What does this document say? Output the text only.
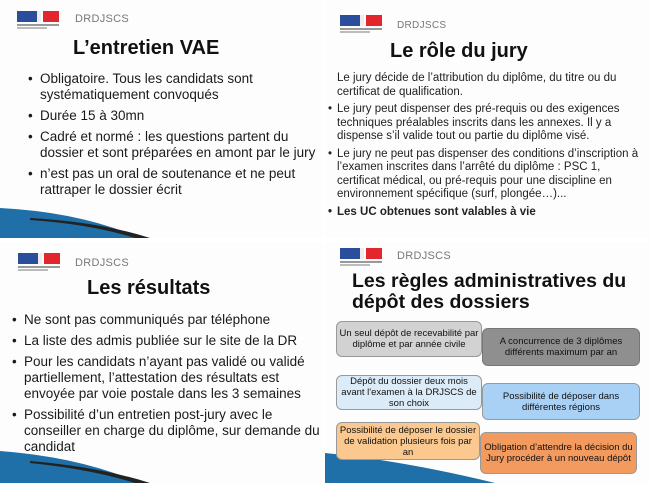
DRDJSCS
L’entretien VAE
• Obligatoire. Tous les candidats sont systématiquement convoqués
• Durée 15 à 30mn
• Cadré et normé : les questions partent du dossier et sont préparées en amont par le jury
• n’est pas un oral de soutenance et ne peut rattraper le dossier écrit
DRDJSCS
Le rôle du jury
Le jury décide de l’attribution du diplôme, du titre ou du certificat de qualification.
• Le jury peut dispenser des pré-requis ou des exigences techniques préalables inscrits dans les annexes. Il y a dispense s’il valide tout ou partie du diplôme visé.
• Le jury ne peut pas dispenser des conditions d’inscription à l’examen inscrites dans l’arrêté du diplôme : PSC 1, certificat médical, ou pré-requis pour une discipline en environnement spécifique (surf, plongée…)...
• Les UC obtenues sont valables à vie
DRDJSCS
Les résultats
• Ne sont pas communiqués par téléphone
• La liste des admis publiée sur le site de la DR
• Pour les candidats n’ayant pas validé ou validé partiellement, l’attestation des résultats est envoyée par voie postale dans les 3 semaines
• Possibilité d’un entretien post-jury avec le conseiller en charge du diplôme, sur demande du candidat
DRDJSCS
Les règles administratives du dépôt des dossiers
Un seul dépôt de recevabilité par diplôme et par année civile	A concurrence de 3 diplômes différents maximum par an
Dépôt du dossier deux mois avant l'examen à la DRJSCS de son choix
Possibilité de déposer dans différentes régions
Possibilité de déposer le dossier de validation plusieurs fois par an	Obligation d’attendre la décision du Jury procéder à un nouveau dépôt
